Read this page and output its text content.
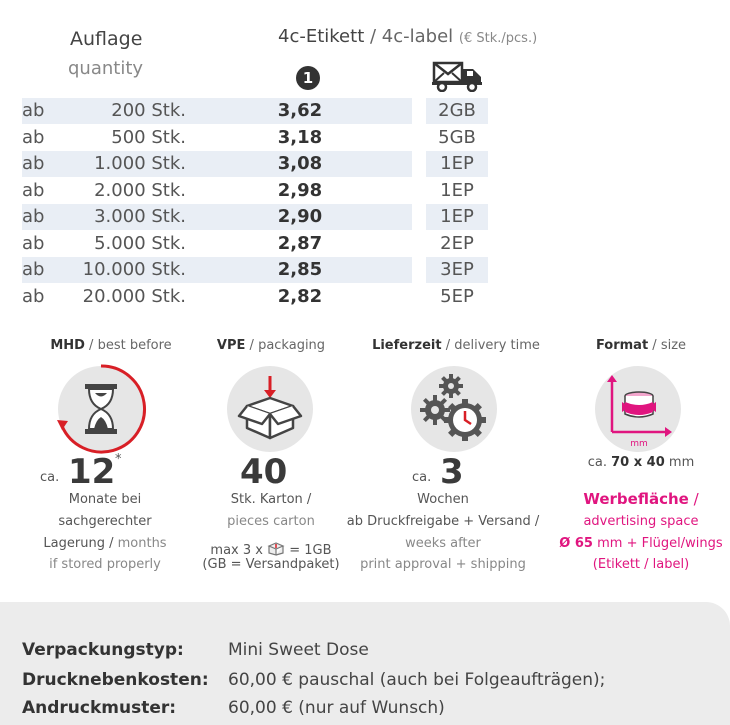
Auflage
quantity
4c-Etikett / 4c-label (€ Stk./pcs.)
1
ab	200 Stk.	3,62	2GB
ab	500 Stk.	3,18	5GB
ab	1.000 Stk.	3,08	1EP
ab	2.000 Stk.	2,98	1EP
ab	3.000 Stk.	2,90	1EP
ab	5.000 Stk.	2,87	2EP
ab	10.000 Stk.	2,85	3EP
ab	20.000 Stk.	2,82	5EP
MHD / best before
ca. 12 *
Monate bei
sachgerechter
Lagerung / months
if stored properly
VPE / packaging
40
Stk. Karton /
pieces carton
max 3 x = 1GB
(GB = Versandpaket)
Lieferzeit / delivery time
ca. 3
Wochen
ab Druckfreigabe + Versand /
weeks after
print approval + shipping
Format / size
mm
ca. 70 x 40 mm
Werbefläche /
advertising space
Ø 65 mm + Flügel/wings
(Etikett / label)
Verpackungstyp:	Mini Sweet Dose
Drucknebenkosten: 60,00 € pauschal (auch bei Folgeaufträgen);
Andruckmuster:	60,00 € (nur auf Wunsch)
